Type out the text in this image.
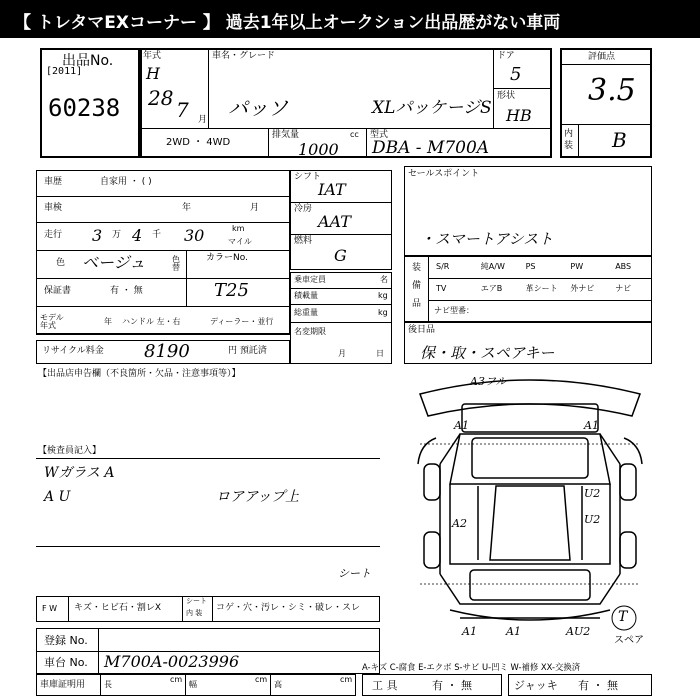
【 トレタマEXコーナー 】 過去1年以上オークション出品歴がない車両
出品No.
[2011]
60238
年式
H
28 7 月
車名・グレード
パッソ	XLパッケージS
ドア
5
形状
HB
2WD ・ 4WD
排気量	cc
1000
型式
DBA - M700A
評価点
3.5
内装 B
車歴	自家用 ・ ( )
車検	年	月
走行 3 万 4 千 30	km
マイル
色 ベージュ	色替
カラーNo.
T25
保証書	有 ・ 無
モデル 年式	年 ハンドル 左・右	ディーラー・並行
リサイクル料金 8190	円 預託済
シフト
IAT
冷房
AAT
燃料
G
乗車定員	名
積載量	kg
総重量	kg
名変期限
月	日
セールスポイント
・スマートアシスト
装
備
品
S/R	純A/W	PS	PW	ABS
TV	エアB	革シート 外ナビ	ナビ
ナビ型番：
後日品
保・取・スペアキー
【出品店申告欄（不良箇所・欠品・注意事項等）】
【検査員記入】
Wガラス A
A U	ロアアップ上
シート
F W キズ・ヒビ石・割レX
シート
内 装 コゲ・穴・汚レ・シミ・破レ・スレ
登録 No.
車台 No. M700A-0023996
車庫証明用 長
cm
幅
cm
高
cm
A-キズ C-腐食 E-エクボ S-サビ U-凹ミ W-補修 XX-交換済
工 具	有 ・ 無	ジャッキ 有 ・ 無
A3フル
A1	A1
A2
U2
U2
A1	A1	AU2
T
スペア
